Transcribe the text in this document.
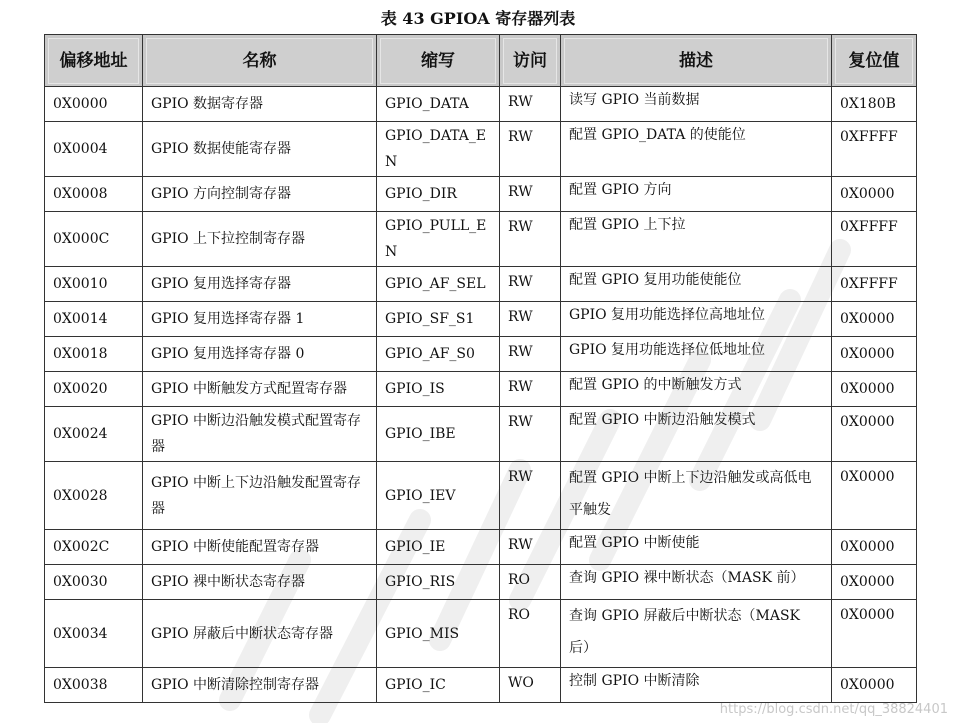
表 43 GPIOA 寄存器列表
偏移地址	名称	缩写	访问	描述	复位值

0X0000	GPIO 数据寄存器	GPIO_DATA	RW	读写 GPIO 当前数据	0X180B
0X0004	GPIO 数据使能寄存器	GPIO_DATA_EN	RW	配置 GPIO_DATA 的使能位	0XFFFF
0X0008	GPIO 方向控制寄存器	GPIO_DIR	RW	配置 GPIO 方向	0X0000
0X000C	GPIO 上下拉控制寄存器	GPIO_PULL_EN	RW	配置 GPIO 上下拉	0XFFFF
0X0010	GPIO 复用选择寄存器	GPIO_AF_SEL	RW	配置 GPIO 复用功能使能位	0XFFFF
0X0014	GPIO 复用选择寄存器 1	GPIO_SF_S1	RW	GPIO 复用功能选择位高地址位	0X0000
0X0018	GPIO 复用选择寄存器 0	GPIO_AF_S0	RW	GPIO 复用功能选择位低地址位	0X0000
0X0020	GPIO 中断触发方式配置寄存器	GPIO_IS	RW	配置 GPIO 的中断触发方式	0X0000
0X0024	GPIO 中断边沿触发模式配置寄存器	GPIO_IBE	RW	配置 GPIO 中断边沿触发模式	0X0000
0X0028	GPIO 中断上下边沿触发配置寄存器	GPIO_IEV	RW	配置 GPIO 中断上下边沿触发或高低电平触发	0X0000
0X002C	GPIO 中断使能配置寄存器	GPIO_IE	RW	配置 GPIO 中断使能	0X0000
0X0030	GPIO 裸中断状态寄存器	GPIO_RIS	RO	查询 GPIO 裸中断状态（MASK 前）	0X0000
0X0034	GPIO 屏蔽后中断状态寄存器	GPIO_MIS	RO	查询 GPIO 屏蔽后中断状态（MASK 后）	0X0000
0X0038	GPIO 中断清除控制寄存器	GPIO_IC	WO	控制 GPIO 中断清除	0X0000
https://blog.csdn.net/qq_38824401
